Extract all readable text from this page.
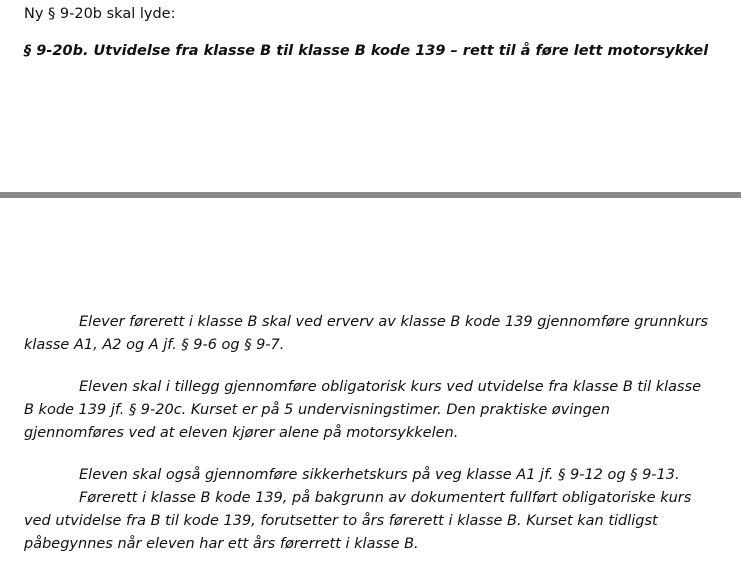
Ny § 9-20b skal lyde:

§ 9-20b. Utvidelse fra klasse B til klasse B kode 139 – rett til å føre lett motorsykkel

Elever førerett i klasse B skal ved erverv av klasse B kode 139 gjennomføre grunnkurs
klasse A1, A2 og A jf. § 9-6 og § 9-7.

Eleven skal i tillegg gjennomføre obligatorisk kurs ved utvidelse fra klasse B til klasse
B kode 139 jf. § 9-20c. Kurset er på 5 undervisningstimer. Den praktiske øvingen
gjennomføres ved at eleven kjører alene på motorsykkelen.

Eleven skal også gjennomføre sikkerhetskurs på veg klasse A1 jf. § 9-12 og § 9-13.
Førerett i klasse B kode 139, på bakgrunn av dokumentert fullført obligatoriske kurs
ved utvidelse fra B til kode 139, forutsetter to års førerett i klasse B. Kurset kan tidligst
påbegynnes når eleven har ett års førerrett i klasse B.
